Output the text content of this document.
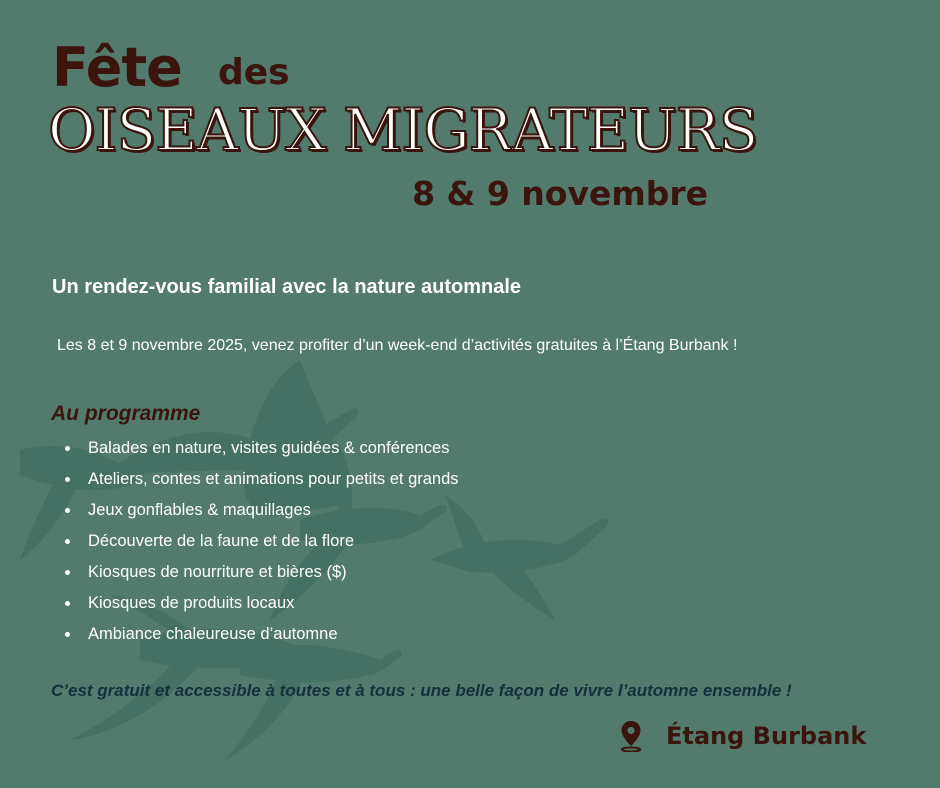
Fête des
OISEAUX MIGRATEURS
8 & 9 novembre
Un rendez-vous familial avec la nature automnale
Les 8 et 9 novembre 2025, venez profiter d’un week-end d’activités gratuites à l’Étang Burbank !
Au programme
Balades en nature, visites guidées & conférences
Ateliers, contes et animations pour petits et grands
Jeux gonflables & maquillages
Découverte de la faune et de la flore
Kiosques de nourriture et bières ($)
Kiosques de produits locaux
Ambiance chaleureuse d’automne
C’est gratuit et accessible à toutes et à tous : une belle façon de vivre l’automne ensemble !
Étang Burbank
